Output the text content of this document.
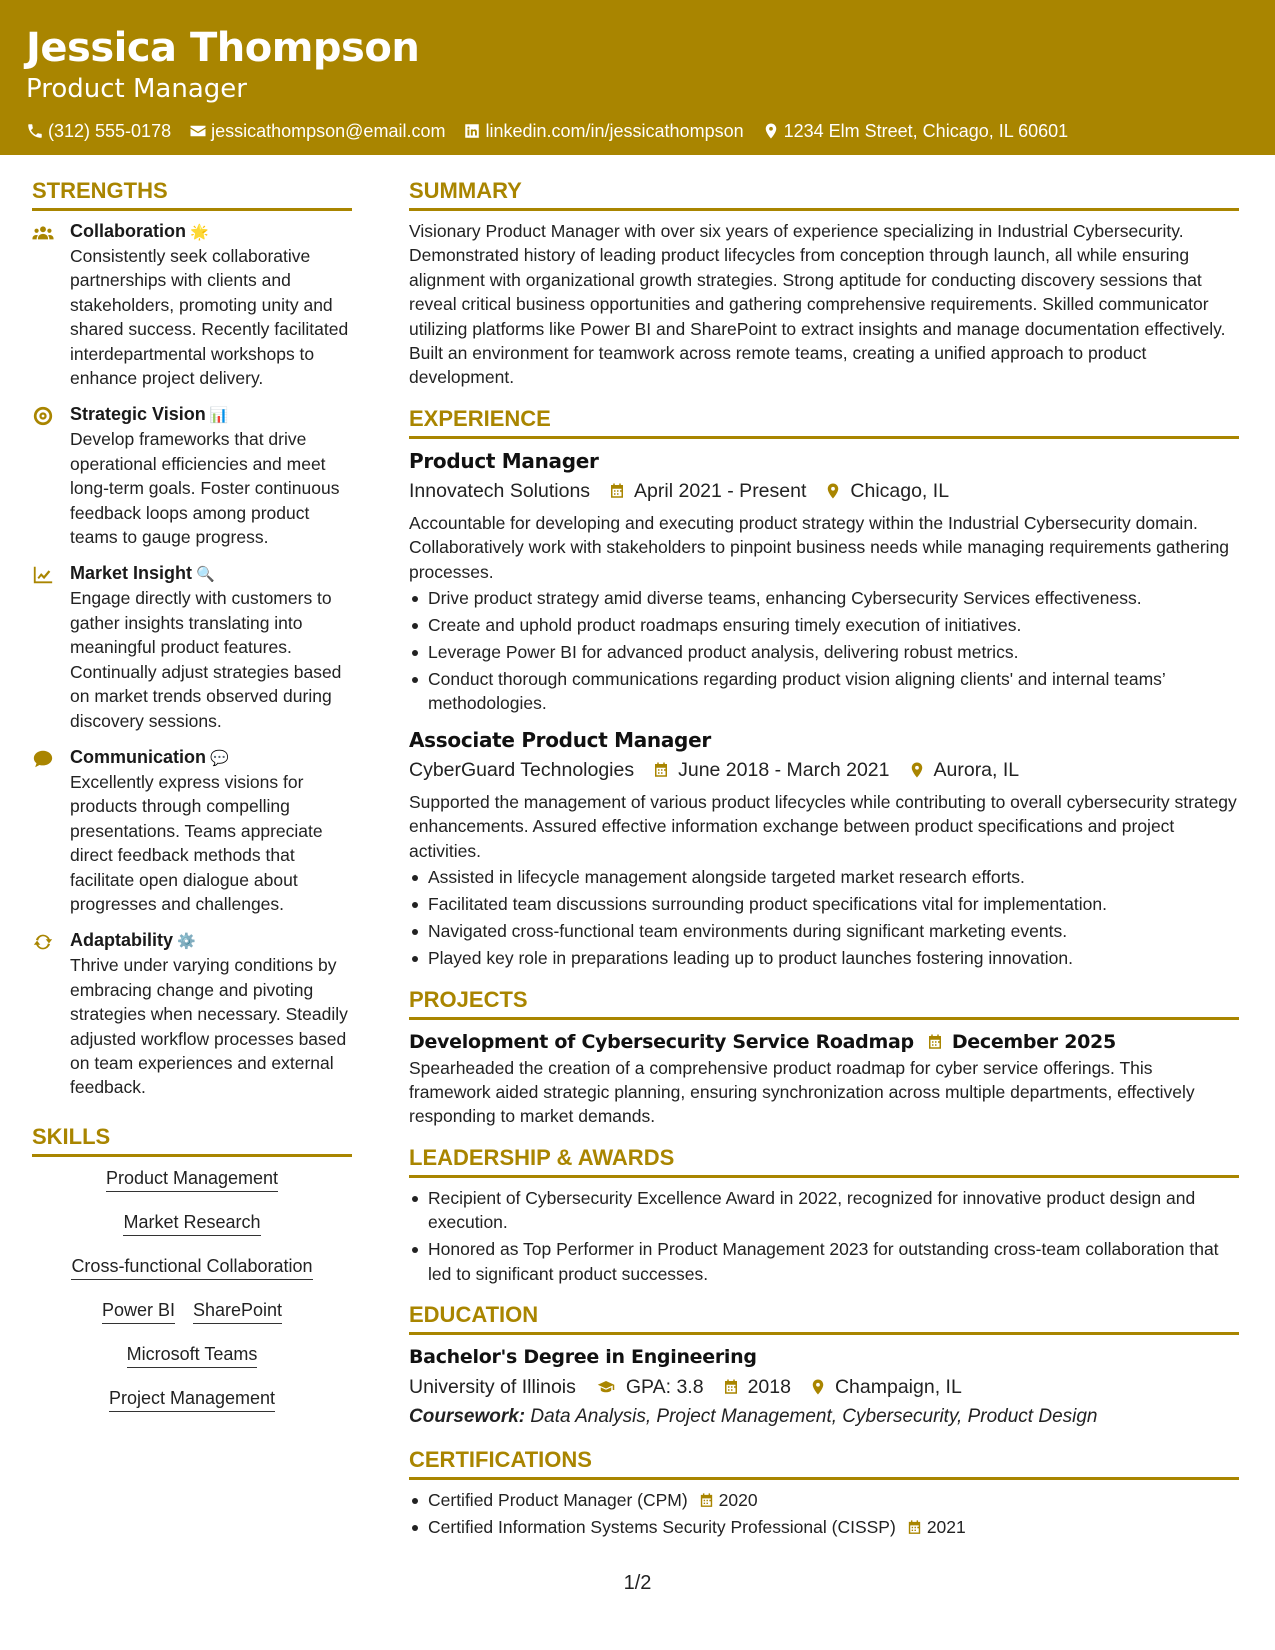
Jessica Thompson
Product Manager
(312) 555-0178 jessicathompson@email.com linkedin.com/in/jessicathompson 1234 Elm Street, Chicago, IL 60601
STRENGTHS
Collaboration 🌟
Consistently seek collaborative partnerships with clients and stakeholders, promoting unity and shared success. Recently facilitated interdepartmental workshops to enhance project delivery.
Strategic Vision 📊
Develop frameworks that drive operational efficiencies and meet long-term goals. Foster continuous feedback loops among product teams to gauge progress.
Market Insight 🔍
Engage directly with customers to gather insights translating into meaningful product features. Continually adjust strategies based on market trends observed during discovery sessions.
Communication 💬
Excellently express visions for products through compelling presentations. Teams appreciate direct feedback methods that facilitate open dialogue about progresses and challenges.
Adaptability ⚙️
Thrive under varying conditions by embracing change and pivoting strategies when necessary. Steadily adjusted workflow processes based on team experiences and external feedback.
SKILLS
Product Management
Market Research
Cross-functional Collaboration
Power BI SharePoint
Microsoft Teams
Project Management
SUMMARY
Visionary Product Manager with over six years of experience specializing in Industrial Cybersecurity. Demonstrated history of leading product lifecycles from conception through launch, all while ensuring alignment with organizational growth strategies. Strong aptitude for conducting discovery sessions that reveal critical business opportunities and gathering comprehensive requirements. Skilled communicator utilizing platforms like Power BI and SharePoint to extract insights and manage documentation effectively. Built an environment for teamwork across remote teams, creating a unified approach to product development.
EXPERIENCE
Product Manager
Innovatech Solutions April 2021 - Present Chicago, IL
Accountable for developing and executing product strategy within the Industrial Cybersecurity domain. Collaboratively work with stakeholders to pinpoint business needs while managing requirements gathering processes.
Drive product strategy amid diverse teams, enhancing Cybersecurity Services effectiveness.
Create and uphold product roadmaps ensuring timely execution of initiatives.
Leverage Power BI for advanced product analysis, delivering robust metrics.
Conduct thorough communications regarding product vision aligning clients' and internal teams’ methodologies.
Associate Product Manager
CyberGuard Technologies June 2018 - March 2021 Aurora, IL
Supported the management of various product lifecycles while contributing to overall cybersecurity strategy enhancements. Assured effective information exchange between product specifications and project activities.
Assisted in lifecycle management alongside targeted market research efforts.
Facilitated team discussions surrounding product specifications vital for implementation.
Navigated cross-functional team environments during significant marketing events.
Played key role in preparations leading up to product launches fostering innovation.
PROJECTS
Development of Cybersecurity Service Roadmap December 2025
Spearheaded the creation of a comprehensive product roadmap for cyber service offerings. This framework aided strategic planning, ensuring synchronization across multiple departments, effectively responding to market demands.
LEADERSHIP & AWARDS
Recipient of Cybersecurity Excellence Award in 2022, recognized for innovative product design and execution.
Honored as Top Performer in Product Management 2023 for outstanding cross-team collaboration that led to significant product successes.
EDUCATION
Bachelor's Degree in Engineering
University of Illinois	GPA: 3.8 2018 Champaign, IL
Coursework: Data Analysis, Project Management, Cybersecurity, Product Design
CERTIFICATIONS
Certified Product Manager (CPM) 2020
Certified Information Systems Security Professional (CISSP) 2021
1/2
